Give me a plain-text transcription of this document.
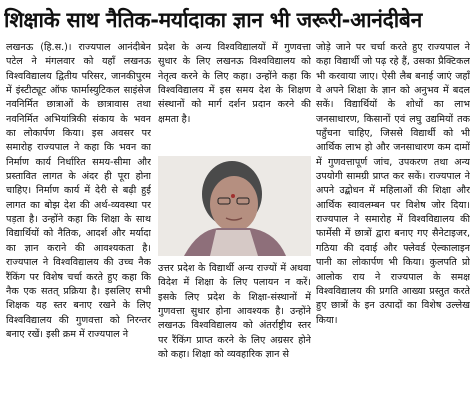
शिक्षाके साथ नैतिक-मर्यादाका ज्ञान भी जरूरी-आनंदीबेन

लखनऊ (हि.स.)। राज्यपाल आनंदीबेन पटेल ने मंगलवार को यहाँ लखनऊ विश्वविद्यालय द्वितीय परिसर, जानकीपुरम में इंस्टीट्यूट ऑफ फार्मास्युटिकल साइंसेज नवनिर्मित छात्राओं के छात्रावास तथा नवनिर्मित अभियांत्रिकी संकाय के भवन का लोकार्पण किया। इस अवसर पर समारोह राज्यपाल ने कहा कि भवन का निर्माण कार्य निर्धारित समय-सीमा और प्रस्तावित लागत के अंदर ही पूरा होना चाहिए। निर्माण कार्य में देरी से बढ़ी हुई लागत का बोझ देश की अर्थ-व्यवस्था पर पड़ता है। उन्होंने कहा कि शिक्षा के साथ विद्यार्थियों को नैतिक, आदर्श और मर्यादा का ज्ञान कराने की आवश्यकता है। राज्यपाल ने विश्वविद्यालय की उच्च नैक रैंकिंग पर विशेष चर्चा करते हुए कहा कि नैक एक सतत् प्रक्रिया है। इसलिए सभी शिक्षक यह स्तर बनाए रखने के लिए विश्वविद्यालय की गुणवत्ता को निरन्तर बनाए रखें। इसी क्रम में राज्यपाल ने

प्रदेश के अन्य विश्वविद्यालयों में गुणवत्ता सुधार के लिए लखनऊ विश्वविद्यालय को नेतृत्व करने के लिए कहा। उन्होंने कहा कि विश्वविद्यालय में इस समय देश के शिक्षण संस्थानों को मार्ग दर्शन प्रदान करने की क्षमता है।

उत्तर प्रदेश के विद्यार्थी अन्य राज्यों में अथवा विदेश में शिक्षा के लिए पलायन न करें। इसके लिए प्रदेश के शिक्षा-संस्थानों में गुणवत्ता सुधार होना आवश्यक है। उन्होंने लखनऊ विश्वविद्यालय को अंतर्राष्ट्रीय स्तर पर रैंकिंग प्राप्त करने के लिए अग्रसर होने को कहा। शिक्षा को व्यवहारिक ज्ञान से

जोड़े जाने पर चर्चा करते हुए राज्यपाल ने कहा विद्यार्थी जो पढ़ रहे हैं, उसका प्रैक्टिकल भी करवाया जाए। ऐसी लैब बनाई जाएं जहाँ वे अपने शिक्षा के ज्ञान को अनुभव में बदल सकें। विद्यार्थियों के शोधों का लाभ जनसाधारण, किसानों एवं लघु उद्यमियों तक पहुँचना चाहिए, जिससे विद्यार्थी को भी आर्थिक लाभ हो और जनसाधारण कम दामों में गुणवत्तापूर्ण जांच, उपकरण तथा अन्य उपयोगी सामग्री प्राप्त कर सकें। राज्यपाल ने अपने उद्बोधन में महिलाओं की शिक्षा और आर्थिक स्वावलम्बन पर विशेष जोर दिया। राज्यपाल ने समारोह में विश्वविद्यालय की फार्मेसी में छात्रों द्वारा बनाए गए सैनेटाइजर, गठिया की दवाई और फ्लेवर्ड ऐल्कालाइन पानी का लोकार्पण भी किया। कुलपति प्रो आलोक राय ने राज्यपाल के समक्ष विश्वविद्यालय की प्रगति आख्या प्रस्तुत करते हुए छात्रों के इन उत्पादों का विशेष उल्लेख किया।
